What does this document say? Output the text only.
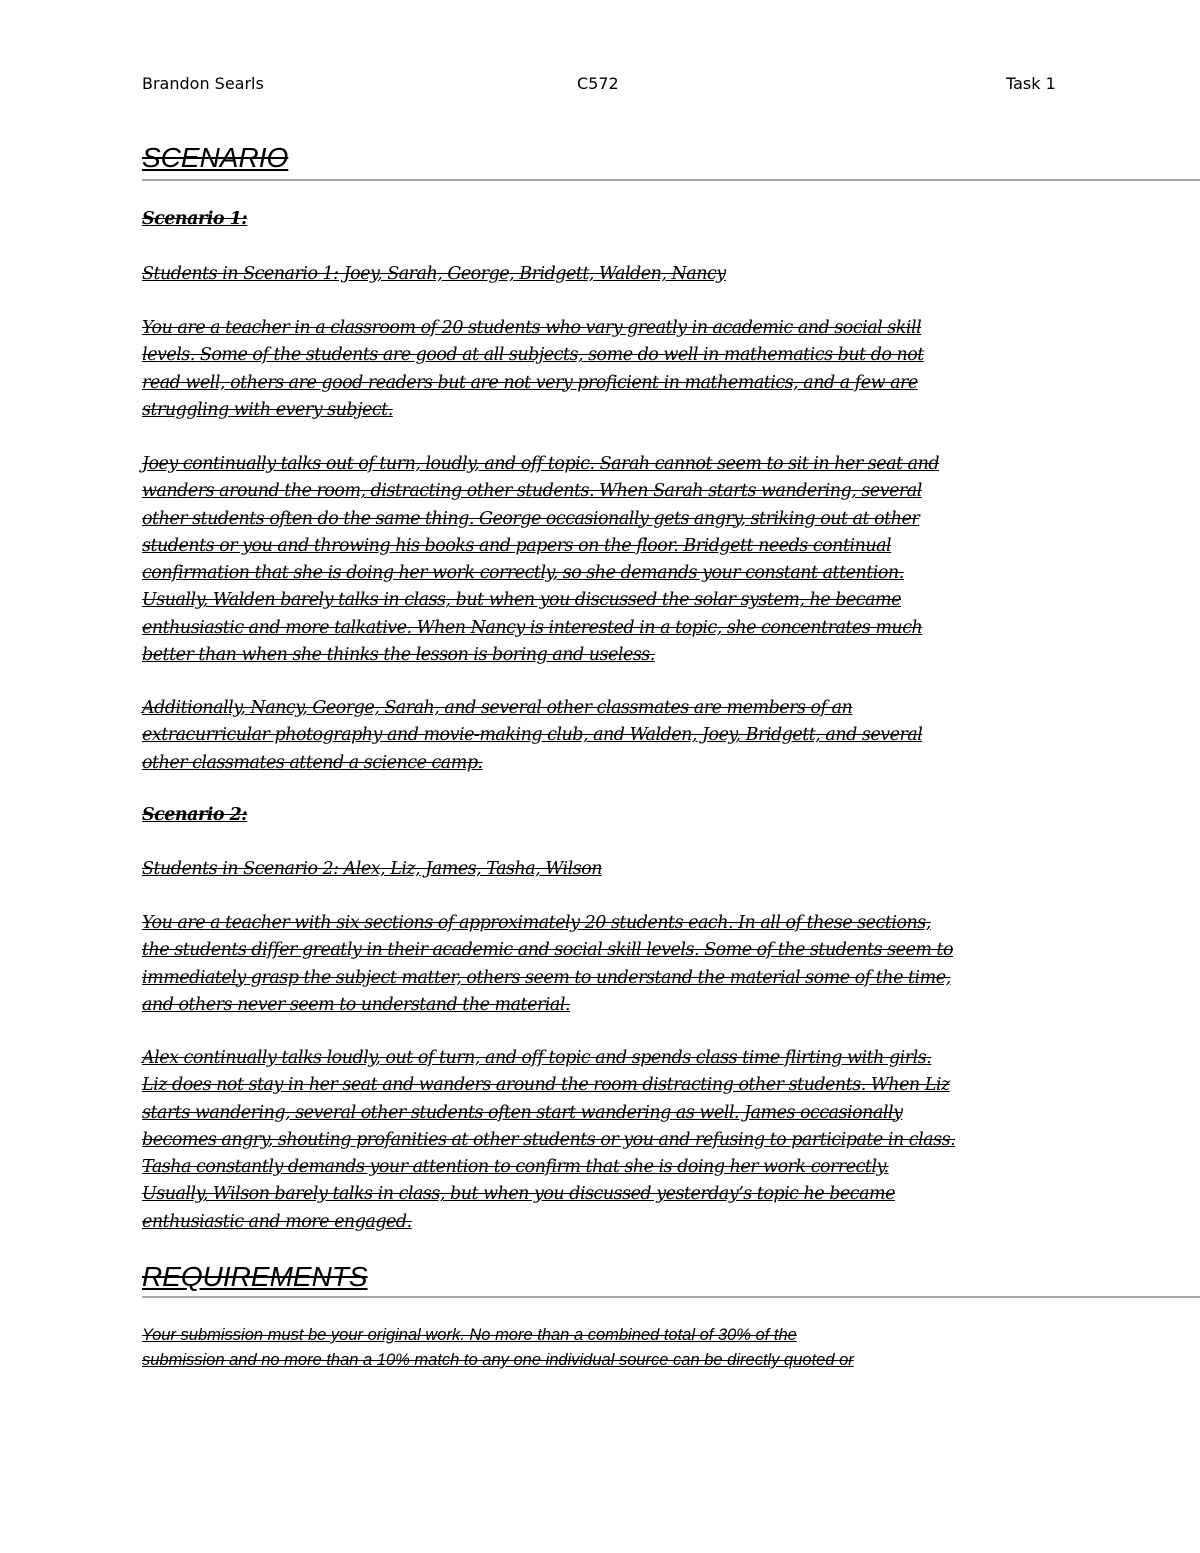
Brandon Searls	C572	Task 1
SCENARIO
Scenario 1:
Students in Scenario 1: Joey, Sarah, George, Bridgett, Walden, Nancy

You are a teacher in a classroom of 20 students who vary greatly in academic and social skill
levels. Some of the students are good at all subjects, some do well in mathematics but do not
read well, others are good readers but are not very proficient in mathematics, and a few are
struggling with every subject.

Joey continually talks out of turn, loudly, and off topic. Sarah cannot seem to sit in her seat and
wanders around the room, distracting other students. When Sarah starts wandering, several
other students often do the same thing. George occasionally gets angry, striking out at other
students or you and throwing his books and papers on the floor. Bridgett needs continual
confirmation that she is doing her work correctly, so she demands your constant attention.
Usually, Walden barely talks in class, but when you discussed the solar system, he became
enthusiastic and more talkative. When Nancy is interested in a topic, she concentrates much
better than when she thinks the lesson is boring and useless.

Additionally, Nancy, George, Sarah, and several other classmates are members of an
extracurricular photography and movie-making club, and Walden, Joey, Bridgett, and several
other classmates attend a science camp.

Scenario 2:
Students in Scenario 2: Alex, Liz, James, Tasha, Wilson

You are a teacher with six sections of approximately 20 students each. In all of these sections,
the students differ greatly in their academic and social skill levels. Some of the students seem to
immediately grasp the subject matter, others seem to understand the material some of the time,
and others never seem to understand the material.

Alex continually talks loudly, out of turn, and off topic and spends class time flirting with girls.
Liz does not stay in her seat and wanders around the room distracting other students. When Liz
starts wandering, several other students often start wandering as well. James occasionally
becomes angry, shouting profanities at other students or you and refusing to participate in class.
Tasha constantly demands your attention to confirm that she is doing her work correctly.
Usually, Wilson barely talks in class, but when you discussed yesterday’s topic he became
enthusiastic and more engaged.

REQUIREMENTS

Your submission must be your original work. No more than a combined total of 30% of the
submission and no more than a 10% match to any one individual source can be directly quoted or
